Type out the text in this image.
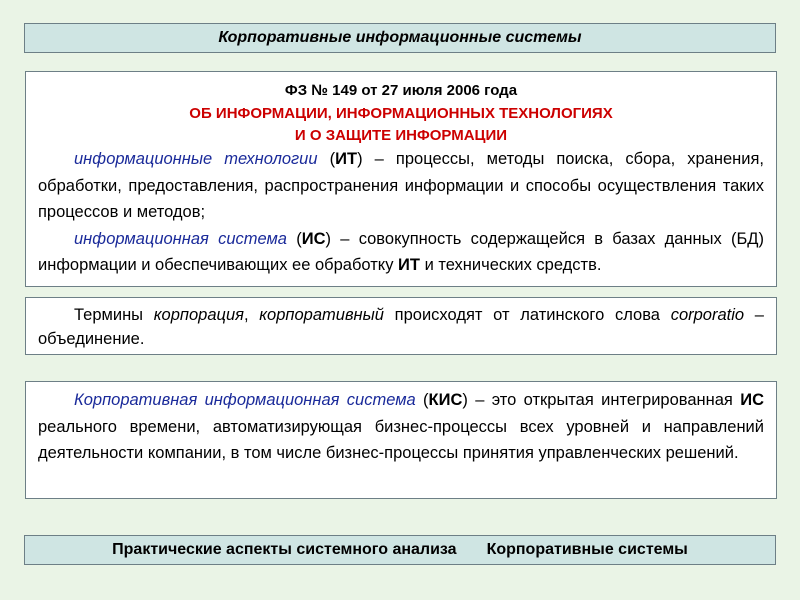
Корпоративные информационные системы
ФЗ № 149 от 27 июля 2006 года
ОБ ИНФОРМАЦИИ, ИНФОРМАЦИОННЫХ ТЕХНОЛОГИЯХ
И О ЗАЩИТЕ ИНФОРМАЦИИ

информационные технологии (ИТ) – процессы, методы поиска, сбора, хранения, обработки, предоставления, распространения информации и способы осуществления таких процессов и методов;

информационная система (ИС) – совокупность содержащейся в базах данных (БД) информации и обеспечивающих ее обработку ИТ и технических средств.

Термины корпорация, корпоративный происходят от латинского слова corporatio – объединение.

Корпоративная информационная система (КИС) – это открытая интегрированная ИС реального времени, автоматизирующая бизнес-процессы всех уровней и направлений деятельности компании, в том числе бизнес-процессы принятия управленческих решений.

Практические аспекты системного анализа Корпоративные системы
